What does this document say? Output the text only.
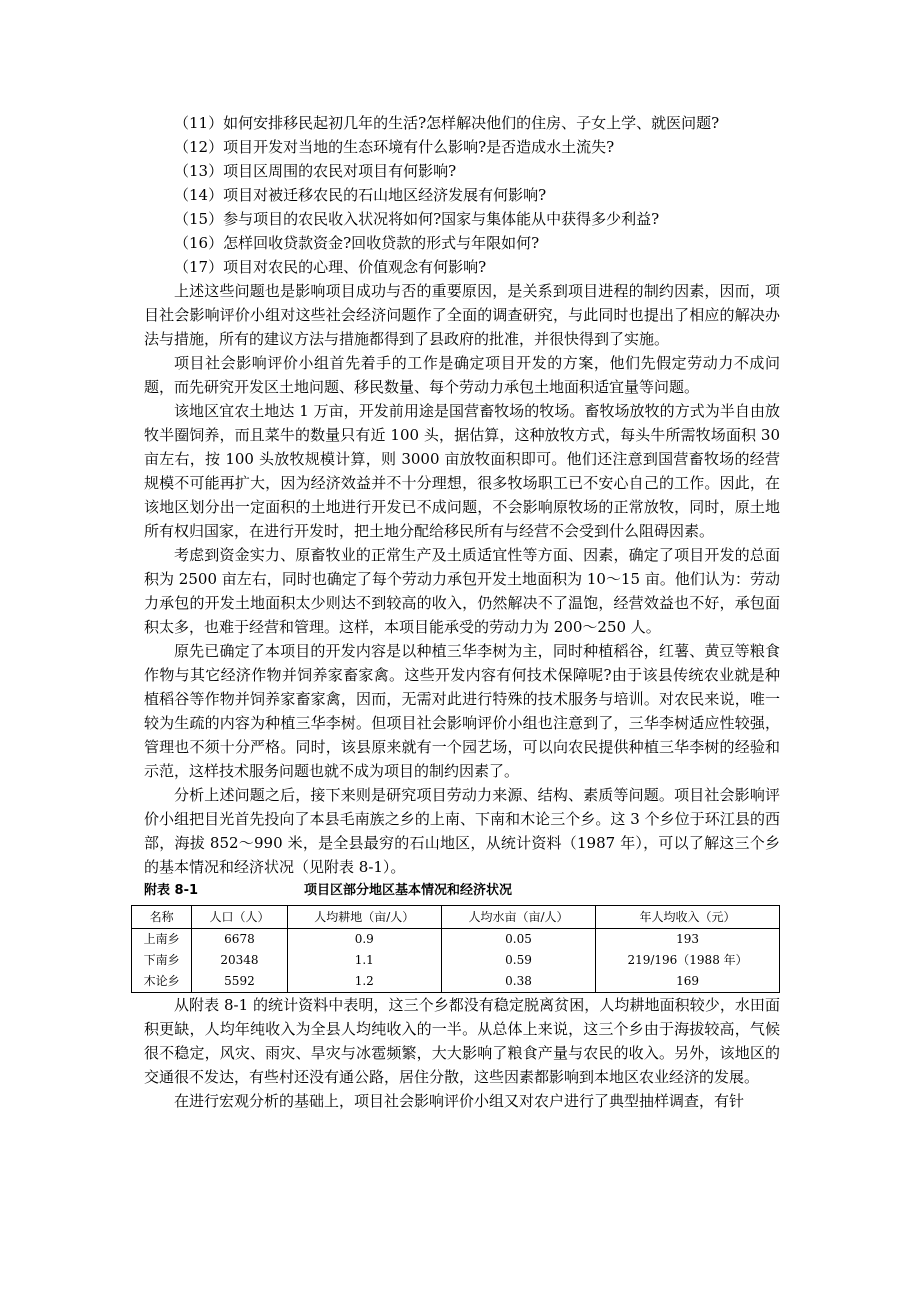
（11）如何安排移民起初几年的生活?怎样解决他们的住房、子女上学、就医问题?

（12）项目开发对当地的生态环境有什么影响?是否造成水土流失?

（13）项目区周围的农民对项目有何影响?

（14）项目对被迁移农民的石山地区经济发展有何影响?

（15）参与项目的农民收入状况将如何?国家与集体能从中获得多少利益?

（16）怎样回收贷款资金?回收贷款的形式与年限如何?

（17）项目对农民的心理、价值观念有何影响?

上述这些问题也是影响项目成功与否的重要原因，是关系到项目进程的制约因素，因而，项目社会影响评价小组对这些社会经济问题作了全面的调查研究，与此同时也提出了相应的解决办法与措施，所有的建议方法与措施都得到了县政府的批准，并很快得到了实施。

项目社会影响评价小组首先着手的工作是确定项目开发的方案，他们先假定劳动力不成问题，而先研究开发区土地问题、移民数量、每个劳动力承包土地面积适宜量等问题。

该地区宜农土地达 1 万亩，开发前用途是国营畜牧场的牧场。畜牧场放牧的方式为半自由放牧半圈饲养，而且菜牛的数量只有近 100 头，据估算，这种放牧方式，每头牛所需牧场面积 30 亩左右，按 100 头放牧规模计算，则 3000 亩放牧面积即可。他们还注意到国营畜牧场的经营规模不可能再扩大，因为经济效益并不十分理想，很多牧场职工已不安心自己的工作。因此，在该地区划分出一定面积的土地进行开发已不成问题，不会影响原牧场的正常放牧，同时，原土地所有权归国家，在进行开发时，把土地分配给移民所有与经营不会受到什么阻碍因素。

考虑到资金实力、原畜牧业的正常生产及土质适宜性等方面、因素，确定了项目开发的总面积为 2500 亩左右，同时也确定了每个劳动力承包开发土地面积为 10～15 亩。他们认为：劳动力承包的开发土地面积太少则达不到较高的收入，仍然解决不了温饱，经营效益也不好，承包面积太多，也难于经营和管理。这样，本项目能承受的劳动力为 200～250 人。

原先已确定了本项目的开发内容是以种植三华李树为主，同时种植稻谷，红薯、黄豆等粮食作物与其它经济作物并饲养家畜家禽。这些开发内容有何技术保障呢?由于该县传统农业就是种植稻谷等作物并饲养家畜家禽，因而，无需对此进行特殊的技术服务与培训。对农民来说，唯一较为生疏的内容为种植三华李树。但项目社会影响评价小组也注意到了，三华李树适应性较强，管理也不须十分严格。同时，该县原来就有一个园艺场，可以向农民提供种植三华李树的经验和示范，这样技术服务问题也就不成为项目的制约因素了。

分析上述问题之后，接下来则是研究项目劳动力来源、结构、素质等问题。项目社会影响评价小组把目光首先投向了本县毛南族之乡的上南、下南和木论三个乡。这 3 个乡位于环江县的西部，海拔 852～990 米，是全县最穷的石山地区，从统计资料（1987 年），可以了解这三个乡的基本情况和经济状况（见附表 8-1）。

附表 8-1	项目区部分地区基本情况和经济状况
名称	人口（人）	人均耕地（亩/人）	人均水亩（亩/人）	年人均收入（元）
上南乡	6678	0.9	0.05	193
下南乡	20348	1.1	0.59	219/196（1988 年）
木论乡	5592	1.2	0.38	169

从附表 8-1 的统计资料中表明，这三个乡都没有稳定脱离贫困，人均耕地面积较少，水田面积更缺，人均年纯收入为全县人均纯收入的一半。从总体上来说，这三个乡由于海拔较高，气候很不稳定，风灾、雨灾、旱灾与冰雹频繁，大大影响了粮食产量与农民的收入。另外，该地区的交通很不发达，有些村还没有通公路，居住分散，这些因素都影响到本地区农业经济的发展。

在进行宏观分析的基础上，项目社会影响评价小组又对农户进行了典型抽样调查，有针
